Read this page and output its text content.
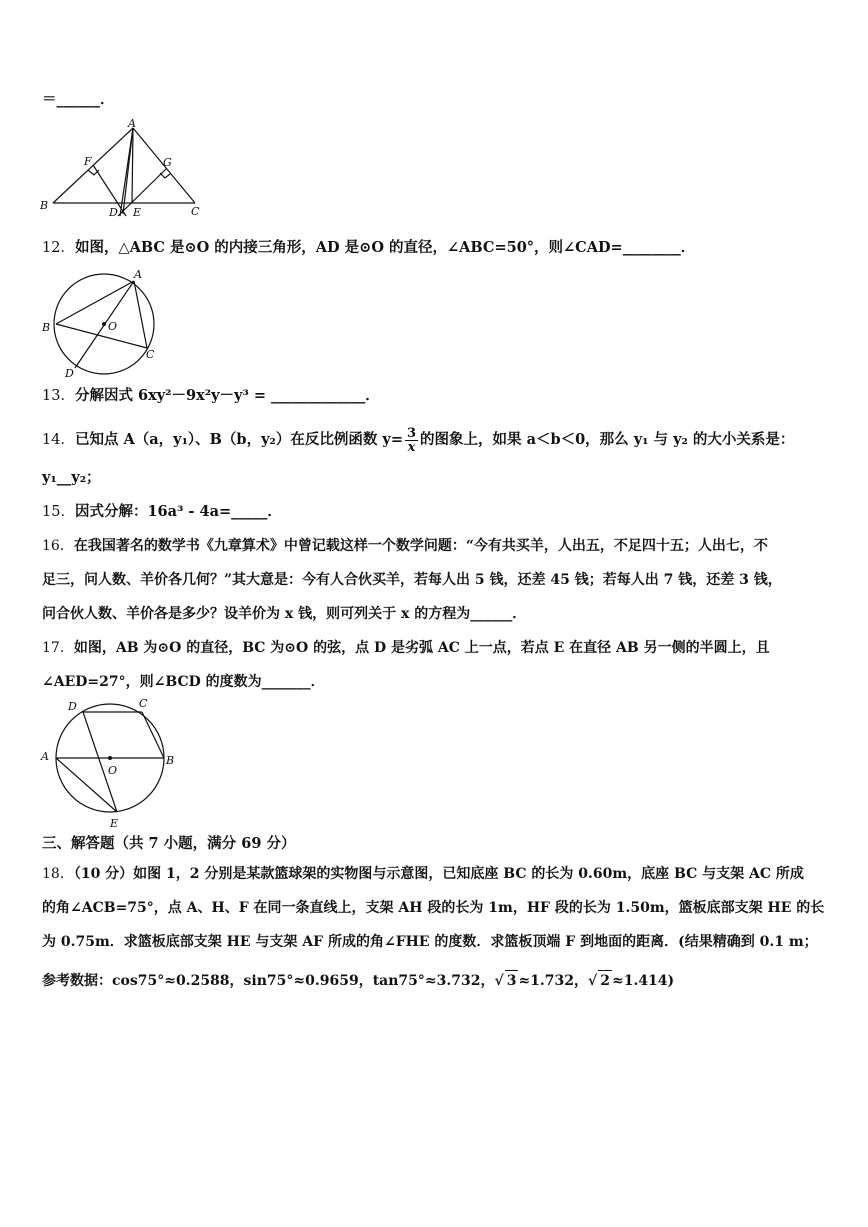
＝______．
A
F	G
B
D E	C
12．如图，△ABC 是⊙O 的内接三角形，AD 是⊙O 的直径，∠ABC=50°，则∠CAD=________．
A
B	O
C
D
13．分解因式 6xy²－9x²y－y³ = _____________．
14．已知点 A（a，y₁）、B（b，y₂）在反比例函数 $y= \frac{3}{x}$ 的图象上，如果 a＜b＜0，那么 y₁ 与 y₂ 的大小关系是：
y₁__y₂；
15．因式分解：16a³ - 4a=_____．
16．在我国著名的数学书《九章算术》中曾记载这样一个数学问题：“今有共买羊，人出五，不足四十五；人出七，不
足三，问人数、羊价各几何？”其大意是：今有人合伙买羊，若每人出 5 钱，还差 45 钱；若每人出 7 钱，还差 3 钱，
问合伙人数、羊价各是多少？设羊价为 x 钱，则可列关于 x 的方程为______．
17．如图，AB 为⊙O 的直径，BC 为⊙O 的弦，点 D 是劣弧 AC 上一点，若点 E 在直径 AB 另一侧的半圆上，且
∠AED=27°，则∠BCD 的度数为_______．
D	C
A
O
B
E
三、解答题（共 7 小题，满分 69 分）
18．（10 分）如图 1，2 分别是某款篮球架的实物图与示意图，已知底座 BC 的长为 0.60m，底座 BC 与支架 AC 所成
的角∠ACB=75°，点 A、H、F 在同一条直线上，支架 AH 段的长为 1m，HF 段的长为 1.50m，篮板底部支架 HE 的长
为 0.75m．求篮板底部支架 HE 与支架 AF 所成的角∠FHE 的度数．求篮板顶端 F 到地面的距离．(结果精确到 0.1 m；
参考数据：cos75°≈0.2588，sin75°≈0.9659，tan75°≈3.732，√ 3 ≈1.732，√ 2 ≈1.414)
